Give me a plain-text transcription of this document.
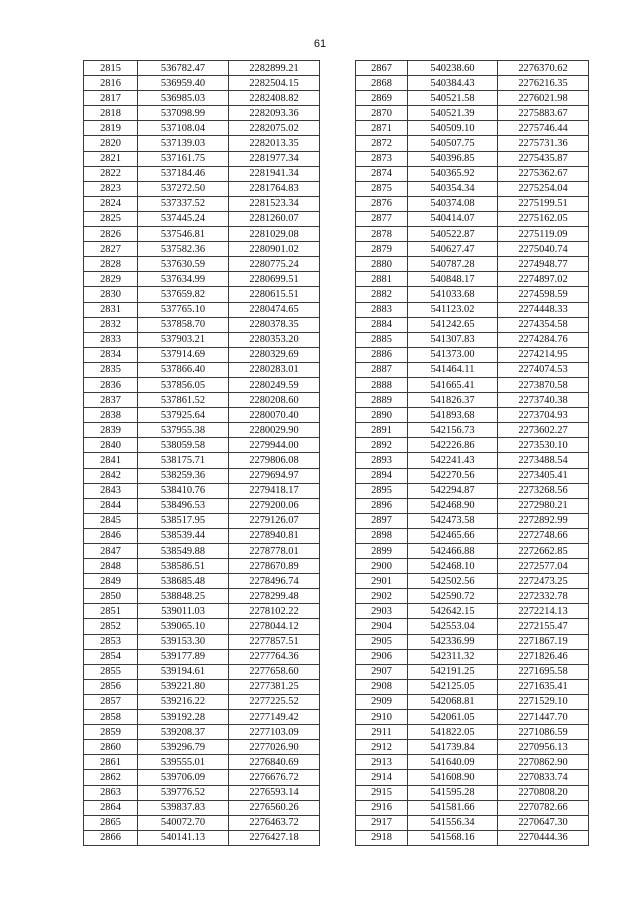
61
2815	536782.47	2282899.21
2816	536959.40	2282504.15
2817	536985.03	2282408.82
2818	537098.99	2282093.36
2819	537108.04	2282075.02
2820	537139.03	2282013.35
2821	537161.75	2281977.34
2822	537184.46	2281941.34
2823	537272.50	2281764.83
2824	537337.52	2281523.34
2825	537445.24	2281260.07
2826	537546.81	2281029.08
2827	537582.36	2280901.02
2828	537630.59	2280775.24
2829	537634.99	2280699.51
2830	537659.82	2280615.51
2831	537765.10	2280474.65
2832	537858.70	2280378.35
2833	537903.21	2280353.20
2834	537914.69	2280329.69
2835	537866.40	2280283.01
2836	537856.05	2280249.59
2837	537861.52	2280208.60
2838	537925.64	2280070.40
2839	537955.38	2280029.90
2840	538059.58	2279944.00
2841	538175.71	2279806.08
2842	538259.36	2279694.97
2843	538410.76	2279418.17
2844	538496.53	2279200.06
2845	538517.95	2279126.07
2846	538539.44	2278940.81
2847	538549.88	2278778.01
2848	538586.51	2278670.89
2849	538685.48	2278496.74
2850	538848.25	2278299.48
2851	539011.03	2278102.22
2852	539065.10	2278044.12
2853	539153.30	2277857.51
2854	539177.89	2277764.36
2855	539194.61	2277658.60
2856	539221.80	2277381.25
2857	539216.22	2277225.52
2858	539192.28	2277149.42
2859	539208.37	2277103.09
2860	539296.79	2277026.90
2861	539555.01	2276840.69
2862	539706.09	2276676.72
2863	539776.52	2276593.14
2864	539837.83	2276560.26
2865	540072.70	2276463.72
2866	540141.13	2276427.18
2867	540238.60	2276370.62
2868	540384.43	2276216.35
2869	540521.58	2276021.98
2870	540521.39	2275883.67
2871	540509.10	2275746.44
2872	540507.75	2275731.36
2873	540396.85	2275435.87
2874	540365.92	2275362.67
2875	540354.34	2275254.04
2876	540374.08	2275199.51
2877	540414.07	2275162.05
2878	540522.87	2275119.09
2879	540627.47	2275040.74
2880	540787.28	2274948.77
2881	540848.17	2274897.02
2882	541033.68	2274598.59
2883	541123.02	2274448.33
2884	541242.65	2274354.58
2885	541307.83	2274284.76
2886	541373.00	2274214.95
2887	541464.11	2274074.53
2888	541665.41	2273870.58
2889	541826.37	2273740.38
2890	541893.68	2273704.93
2891	542156.73	2273602.27
2892	542226.86	2273530.10
2893	542241.43	2273488.54
2894	542270.56	2273405.41
2895	542294.87	2273268.56
2896	542468.90	2272980.21
2897	542473.58	2272892.99
2898	542465.66	2272748.66
2899	542466.88	2272662.85
2900	542468.10	2272577.04
2901	542502.56	2272473.25
2902	542590.72	2272332.78
2903	542642.15	2272214.13
2904	542553.04	2272155.47
2905	542336.99	2271867.19
2906	542311.32	2271826.46
2907	542191.25	2271695.58
2908	542125.05	2271635.41
2909	542068.81	2271529.10
2910	542061.05	2271447.70
2911	541822.05	2271086.59
2912	541739.84	2270956.13
2913	541640.09	2270862.90
2914	541608.90	2270833.74
2915	541595.28	2270808.20
2916	541581.66	2270782.66
2917	541556.34	2270647.30
2918	541568.16	2270444.36
